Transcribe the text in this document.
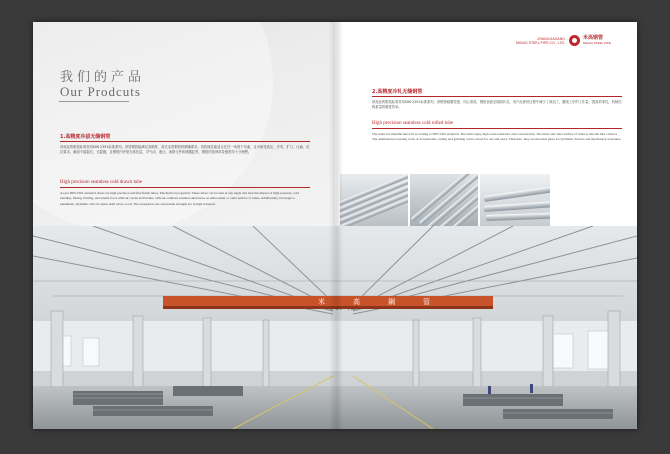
我们的产品
Our Prodcuts
1.高精度冷拔无缝钢管
該產品的制造标准采用DIN 2391标准系列。該管钢管能满足高精度、高光洁度钢管的精确要求。其机械性能适合在任一角度下弯曲，且可承受高压、冷弯、扩口、压扁、抗拉要求，截面不能裂纹，无裂缝，且钢管内外壁无氧化层，对气动、液压、油路元件和储器缸等，钢管的延伸率及强度均十分理想。
High precision seamless cold drawn tube
As per DIN 2391 standard, these are high precision and fine finish tubes. Mechanical properties: These tubes can be bent at any angle and bear the impact of high pressure, cold bending, flaring, flatting, and tensile force without cracks and breaks, without oxidized residual substances on either inner or outer surface of tubes. Additionally, blockage to pneumatic, hydraulic and oil routes shall never occur. The elongation rate and tensile strength are in high standard.
ZHANGJIAGANG
MIGAO STEEL PIPE CO., LTD.
米高钢管
MIGAO STEEL PIPE
2.高精度冷轧无缝钢管
該產品的制造标准采用DIN 2391标准系列，該钢管耐磨性强，同心度高，钢管表面呈镜面状态，用户此使用过程中减少了深加工，磨削工序的工作量，提高效率性，机械结构重量的增度效率。
High precision seamless cold rolled tube
The tubes are manufactured all according to DIN 2391 standard. The tubes enjoy high wear-resistance and concentricity. The inner and outer surface of tubes is smooth like a mirror. The additional processing work of downstream, cutting and grinding can be saved for our end users. Therefore, they are the ideal pipes for hydraulic devices and mechanical structures.
米	高	鋼	管
